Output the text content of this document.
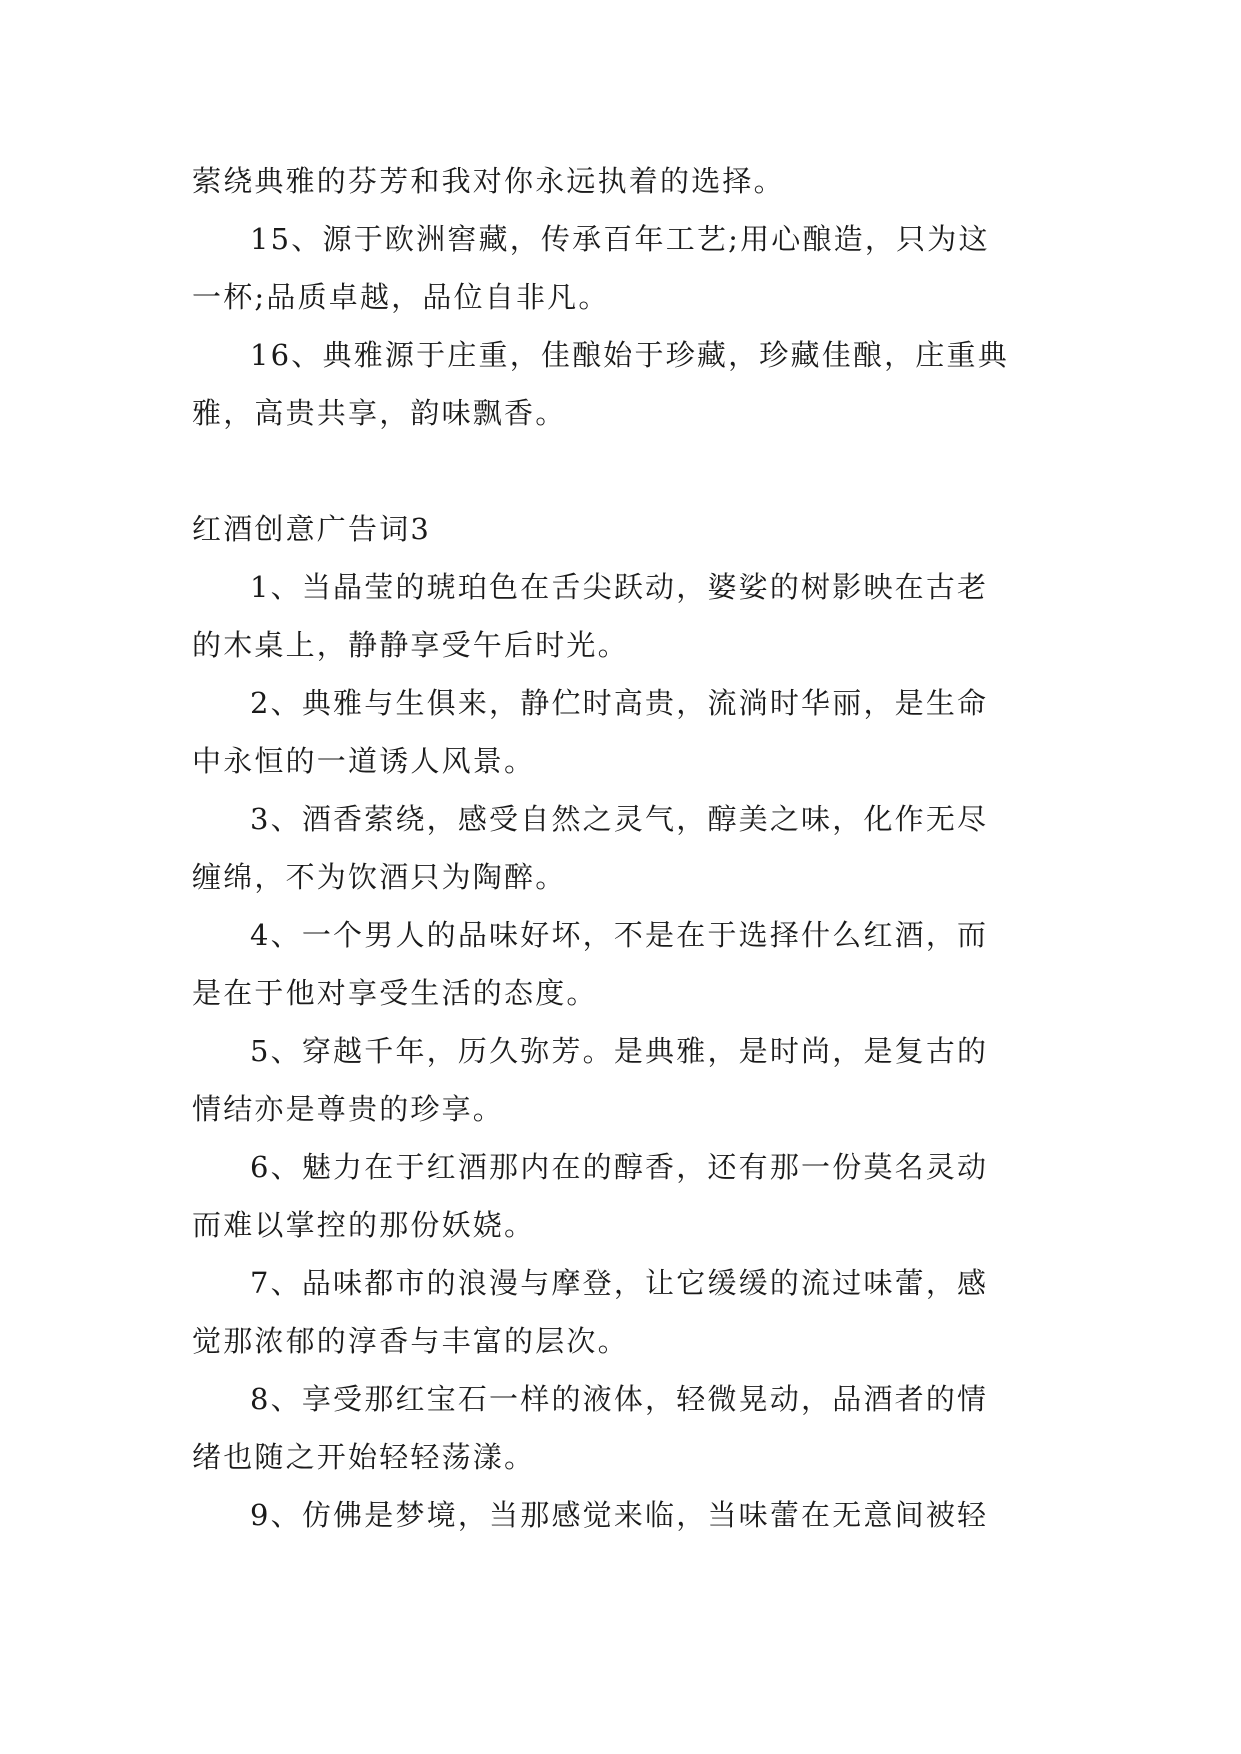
萦绕典雅的芬芳和我对你永远执着的选择。
15、源于欧洲窖藏，传承百年工艺;用心酿造，只为这
一杯;品质卓越，品位自非凡。
16、典雅源于庄重，佳酿始于珍藏，珍藏佳酿，庄重典
雅，高贵共享，韵味飘香。
红酒创意广告词3
1、当晶莹的琥珀色在舌尖跃动，婆娑的树影映在古老
的木桌上，静静享受午后时光。
2、典雅与生俱来，静伫时高贵，流淌时华丽，是生命
中永恒的一道诱人风景。
3、酒香萦绕，感受自然之灵气，醇美之味，化作无尽
缠绵，不为饮酒只为陶醉。
4、一个男人的品味好坏，不是在于选择什么红酒，而
是在于他对享受生活的态度。
5、穿越千年，历久弥芳。是典雅，是时尚，是复古的
情结亦是尊贵的珍享。
6、魅力在于红酒那内在的醇香，还有那一份莫名灵动
而难以掌控的那份妖娆。
7、品味都市的浪漫与摩登，让它缓缓的流过味蕾，感
觉那浓郁的淳香与丰富的层次。
8、享受那红宝石一样的液体，轻微晃动，品酒者的情
绪也随之开始轻轻荡漾。
9、仿佛是梦境，当那感觉来临，当味蕾在无意间被轻
